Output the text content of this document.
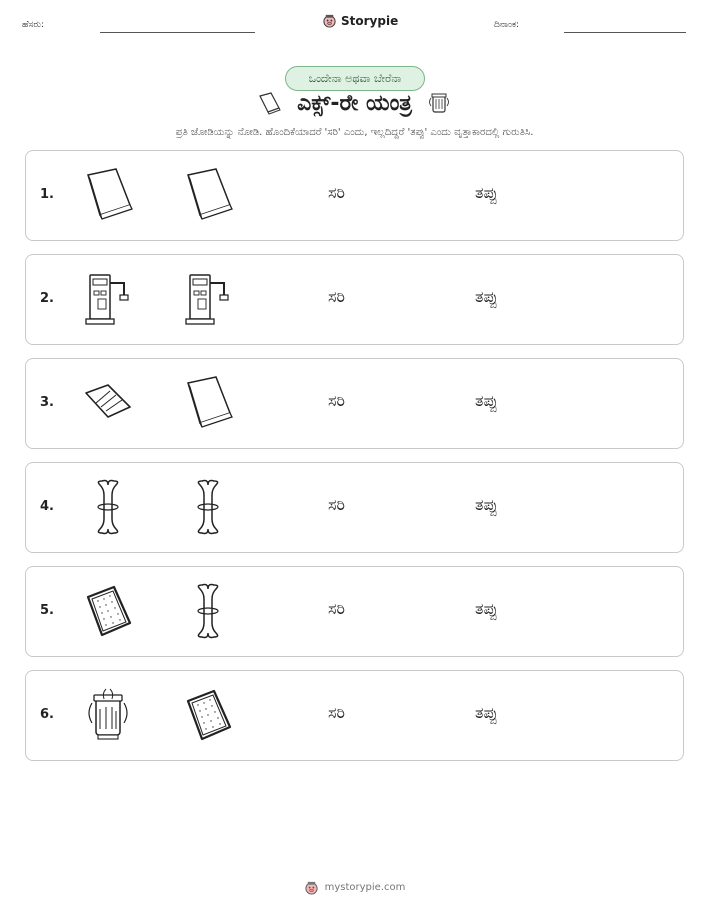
ಹೆಸರು:	Storypie	ದಿನಾಂಕ:
ಒಂದೇನಾ ಅಥವಾ ಬೇರೆನಾ
ಎಕ್ಸ್-ರೇ ಯಂತ್ರ
ಪ್ರತಿ ಜೋಡಿಯನ್ನು ನೋಡಿ. ಹೊಂದಿಕೆಯಾದರೆ 'ಸರಿ' ಎಂದು, ಇಲ್ಲದಿದ್ದರೆ 'ತಪ್ಪು' ಎಂದು ವೃತ್ತಾಕಾರದಲ್ಲಿ ಗುರುತಿಸಿ.
1.	ಸರಿ	ತಪ್ಪು
2.	ಸರಿ	ತಪ್ಪು
3.	ಸರಿ	ತಪ್ಪು
4.	ಸರಿ	ತಪ್ಪು
5.	ಸರಿ	ತಪ್ಪು
6.	ಸರಿ	ತಪ್ಪು
mystorypie.com
